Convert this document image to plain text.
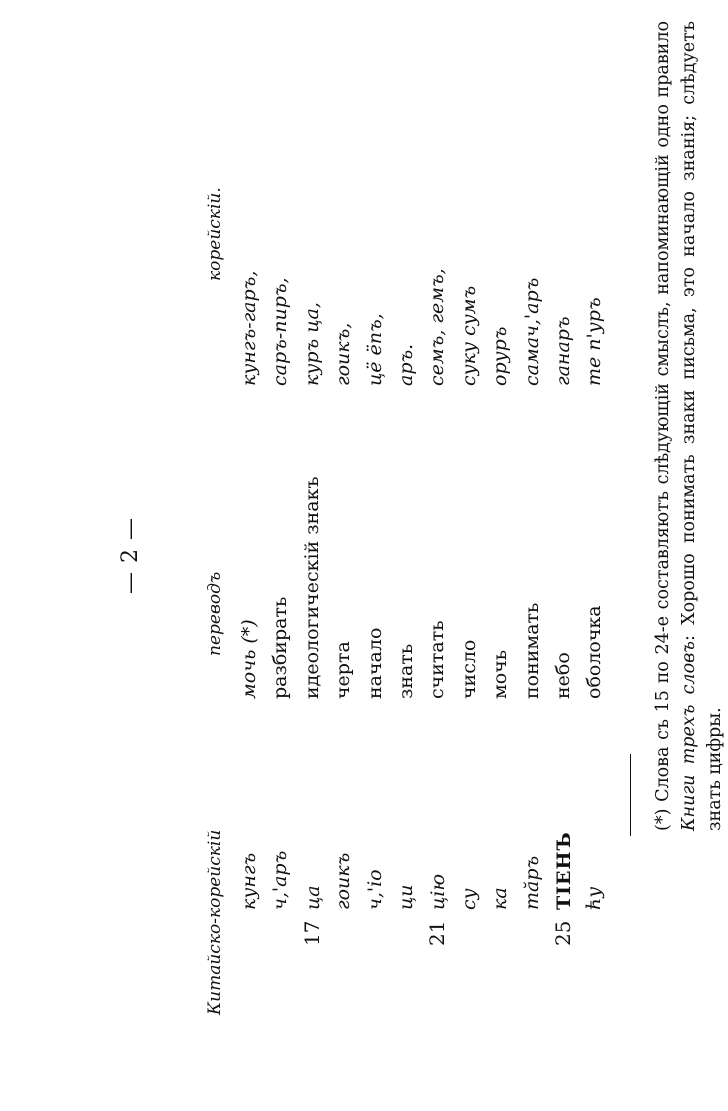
— 2 —
Китайско-корейскій
переводъ
корейскій.
кунгъ ч,'аръ
17ца гоикъ ч,'іо ци
21цію су ка тăръ
25ТІЕНЪ ћу
мочь (*) разбирать идеологическій знакъ черта начало знать считать число мочь понимать небо оболочка
кунгъ-гаръ, саръ-пиръ, куръ ца, гоикъ, цё ёпъ, аръ. семъ, гемъ, суку сумъ оруръ самач,'аръ ганаръ те п'уръ	(*) Слова съ 15 по 24-е составляютъ слѣдующій смыслъ, напоминающій одно правило Книги трехъ словъ: Хорошо понимать знаки письма, это начало знанія; слѣдуетъ знать цифры.
